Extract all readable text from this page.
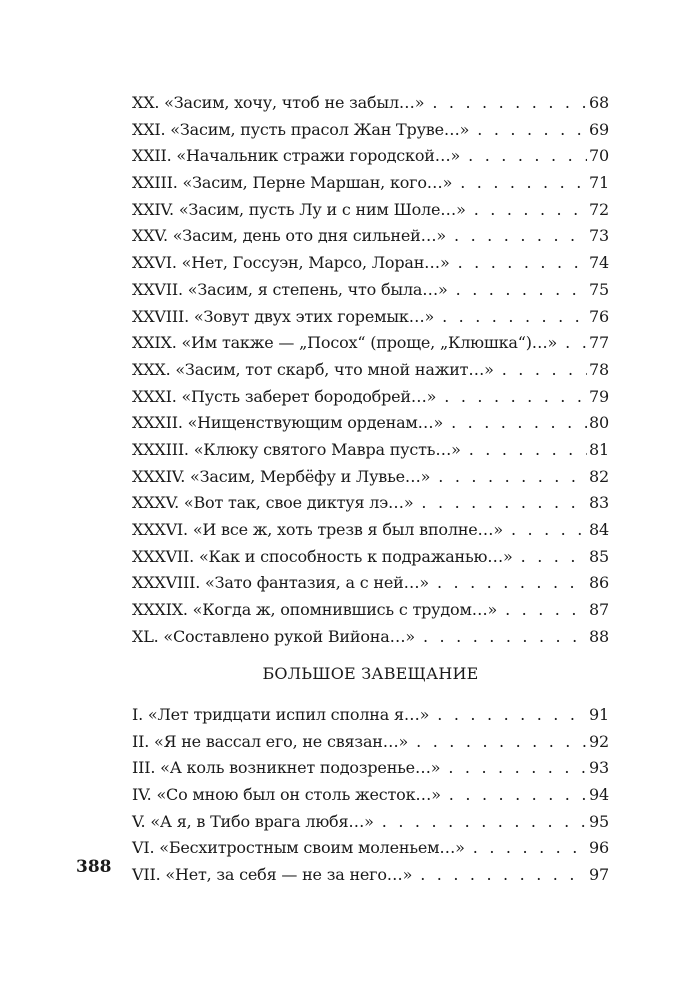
XX. «Засим, хочу, чтоб не забыл…» . . .	68
XXI. «Засим, пусть прасол Жан Труве…» . . .	69
XXII. «Начальник стражи городской…» . . .	70
XXIII. «Засим, Перне Маршан, кого…» . . .	71
XXIV. «Засим, пусть Лу и с ним Шоле…» . . .	72
XXV. «Засим, день ото дня сильней…» . . .	73
XXVI. «Нет, Госсуэн, Марсо, Лоран…» . . .	74
XXVII. «Засим, я степень, что была…» . . .	75
XXVIII. «Зовут двух этих горемык…» . . .	76
XXIX. «Им также — „Посох“ (проще, „Клюшка“)…» . . . 77
XXX. «Засим, тот скарб, что мной нажит…» . . .	78
XXXI. «Пусть заберет бородобрей…» . . .	79
XXXII. «Нищенствующим орденам…» . . .	80
XXXIII. «Клюку святого Мавра пусть…» . . .	81
XXXIV. «Засим, Мербёфу и Лувье…» . . .	82
XXXV. «Вот так, свое диктуя лэ…» . . .	83
XXXVI. «И все ж, хоть трезв я был вполне…» . . .	84
XXXVII. «Как и способность к подражанью…» . . .	85
XXXVIII. «Зато фантазия, а с ней…» . . .	86
XXXIX. «Когда ж, опомнившись с трудом…» . . .	87
XL. «Составлено рукой Вийона…» . . .	88
БОЛЬШОЕ ЗАВЕЩАНИЕ
I. «Лет тридцати испил сполна я…» . . .	91
II. «Я не вассал его, не связан…» . . .	92
III. «А коль возникнет подозренье…» . . .	93
IV. «Со мною был он столь жесток…» . . .	94
V. «А я, в Тибо врага любя…» . . .	95
VI. «Бесхитростным своим моленьем…» . . .	96
VII. «Нет, за себя — не за него…» . . .	97
388
